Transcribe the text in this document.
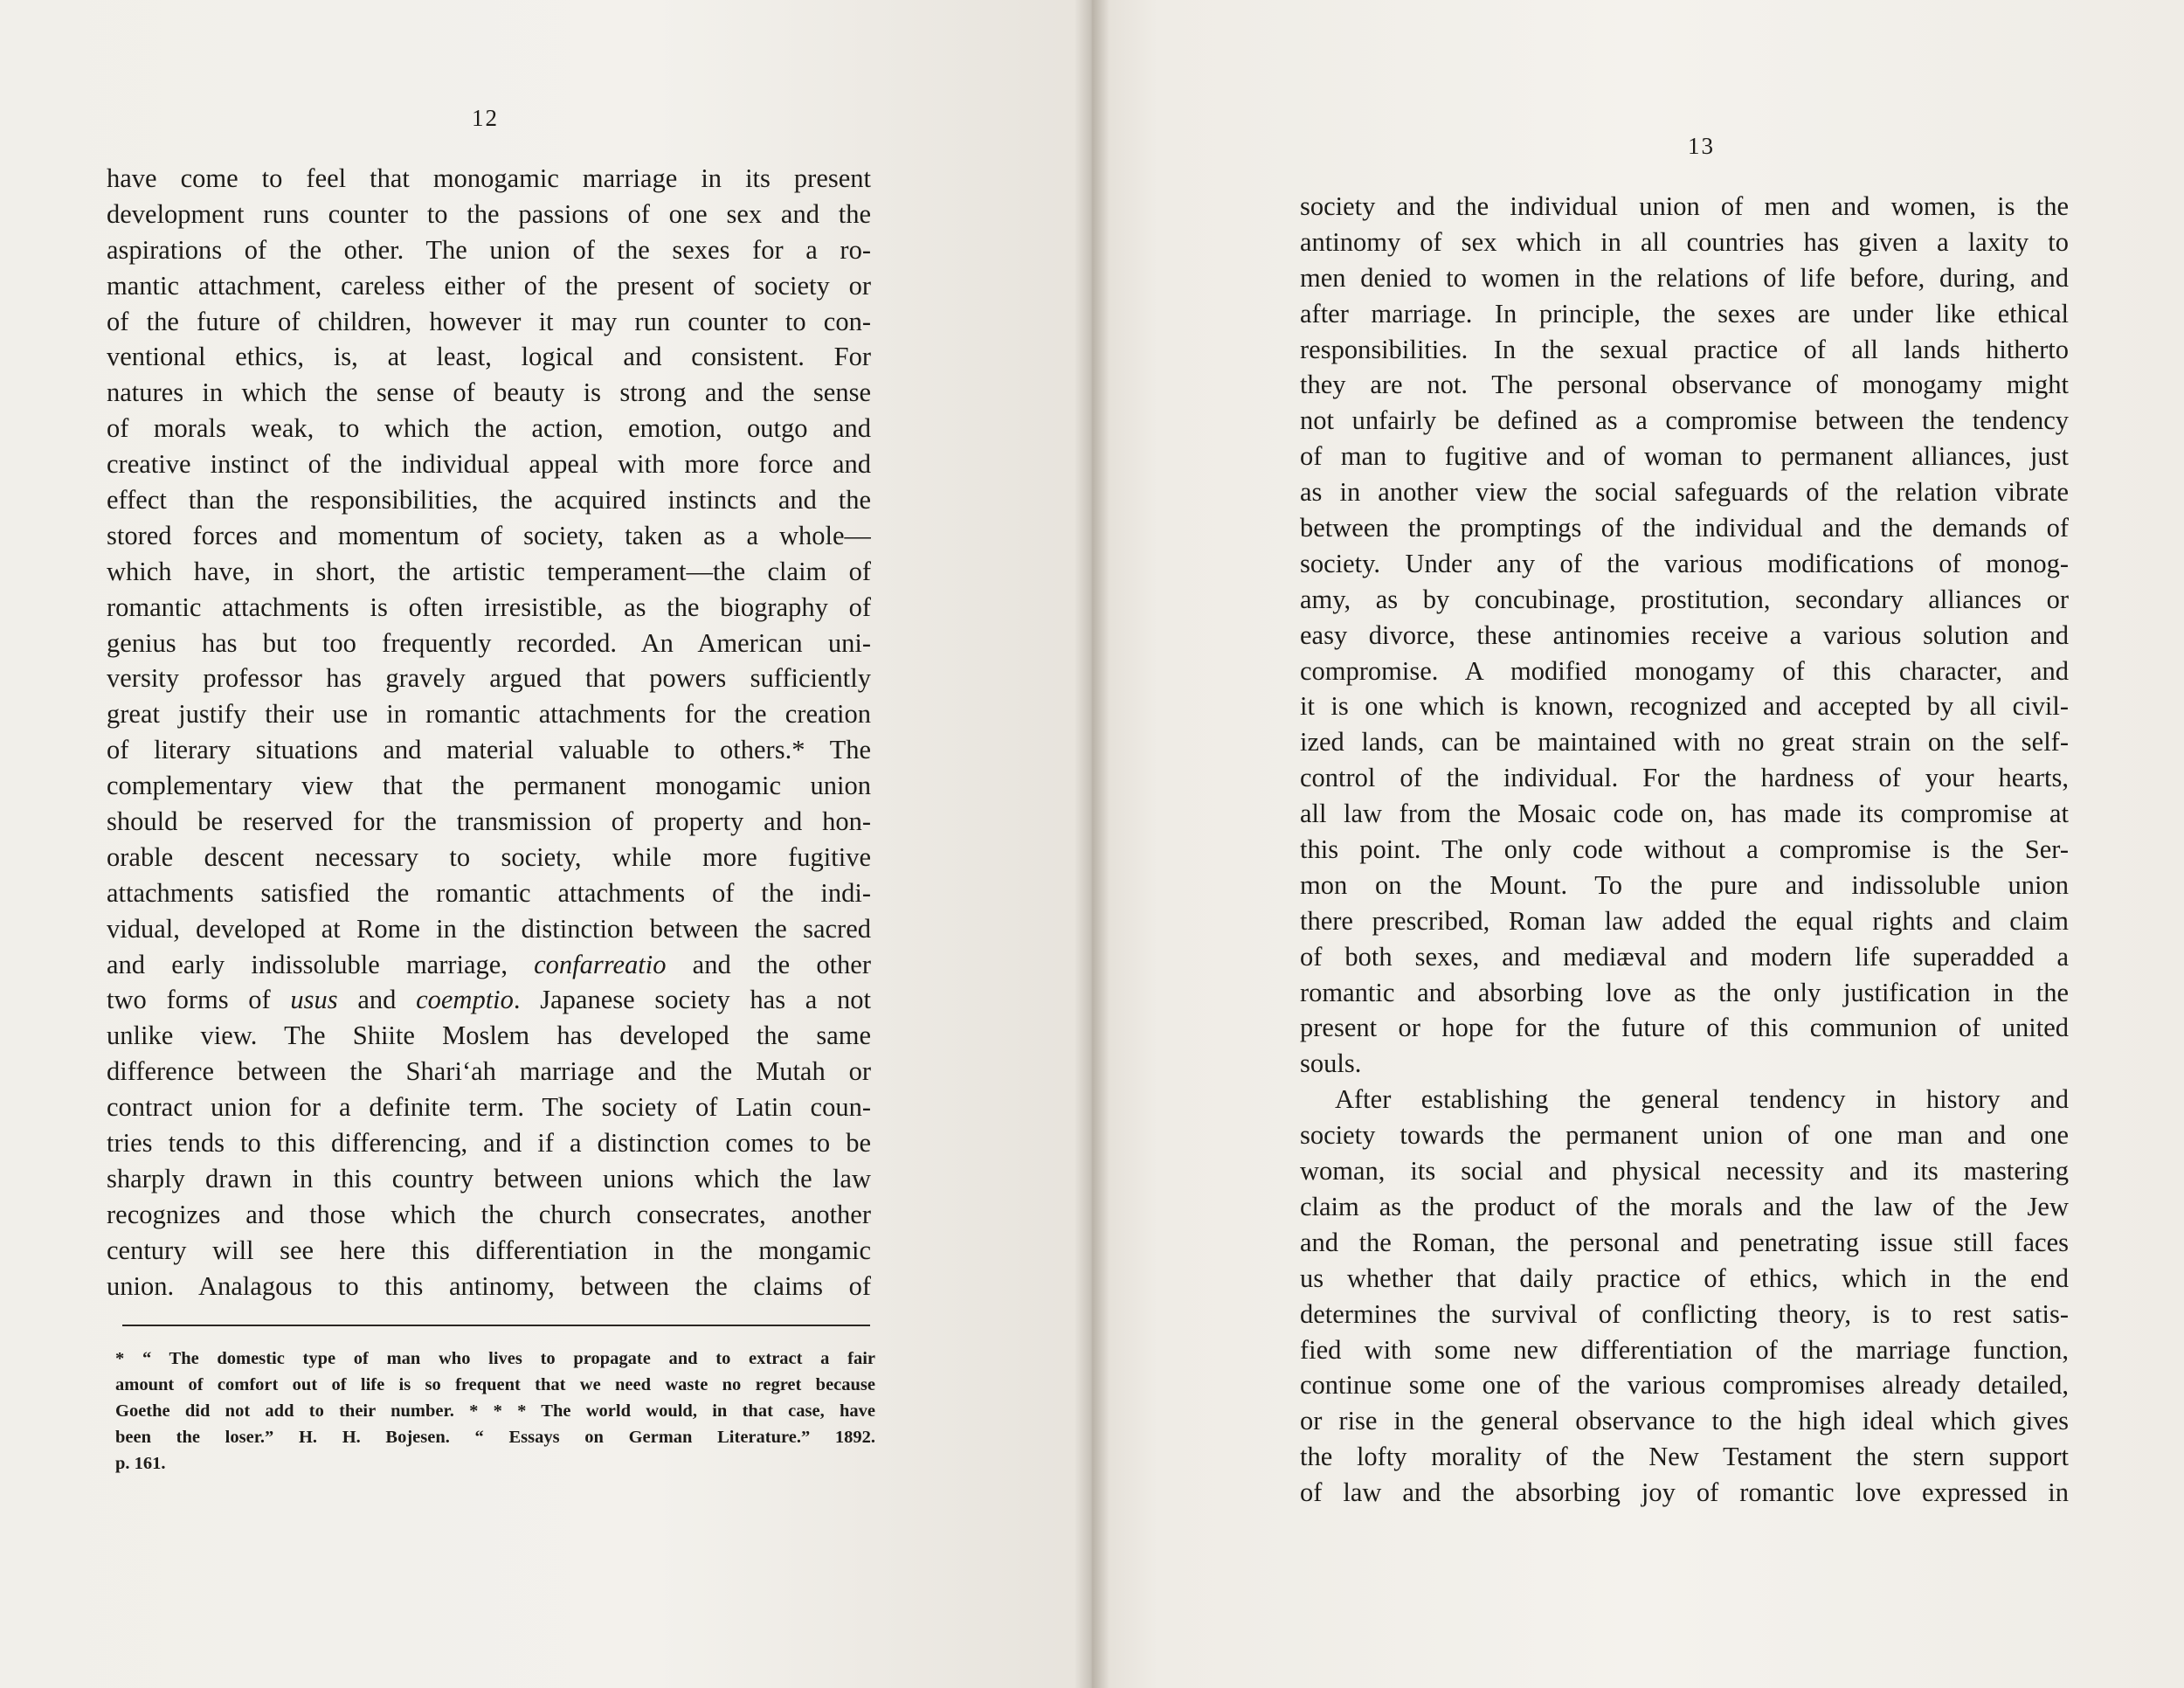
12

have come to feel that monogamic marriage in its present
development runs counter to the passions of one sex and the
aspirations of the other. The union of the sexes for a ro-
mantic attachment, careless either of the present of society or
of the future of children, however it may run counter to con-
ventional ethics, is, at least, logical and consistent. For
natures in which the sense of beauty is strong and the sense
of morals weak, to which the action, emotion, outgo and
creative instinct of the individual appeal with more force and
effect than the responsibilities, the acquired instincts and the
stored forces and momentum of society, taken as a whole—
which have, in short, the artistic temperament—the claim of
romantic attachments is often irresistible, as the biography of
genius has but too frequently recorded. An American uni-
versity professor has gravely argued that powers sufficiently
great justify their use in romantic attachments for the creation
of literary situations and material valuable to others.* The
complementary view that the permanent monogamic union
should be reserved for the transmission of property and hon-
orable descent necessary to society, while more fugitive
attachments satisfied the romantic attachments of the indi-
vidual, developed at Rome in the distinction between the sacred
and early indissoluble marriage, confarreatio and the other
two forms of usus and coemptio. Japanese society has a not
unlike view. The Shiite Moslem has developed the same
difference between the Shari‘ah marriage and the Mutah or
contract union for a definite term. The society of Latin coun-
tries tends to this differencing, and if a distinction comes to be
sharply drawn in this country between unions which the law
recognizes and those which the church consecrates, another
century will see here this differentiation in the mongamic
union. Analagous to this antinomy, between the claims of
* “ The domestic type of man who lives to propagate and to extract a fair
amount of comfort out of life is so frequent that we need waste no regret because
Goethe did not add to their number. * * * The world would, in that case, have
been the loser.” H. H. Bojesen. “ Essays on German Literature.” 1892.
p. 161.

13

society and the individual union of men and women, is the
antinomy of sex which in all countries has given a laxity to
men denied to women in the relations of life before, during, and
after marriage. In principle, the sexes are under like ethical
responsibilities. In the sexual practice of all lands hitherto
they are not. The personal observance of monogamy might
not unfairly be defined as a compromise between the tendency
of man to fugitive and of woman to permanent alliances, just
as in another view the social safeguards of the relation vibrate
between the promptings of the individual and the demands of
society. Under any of the various modifications of monog-
amy, as by concubinage, prostitution, secondary alliances or
easy divorce, these antinomies receive a various solution and
compromise. A modified monogamy of this character, and
it is one which is known, recognized and accepted by all civil-
ized lands, can be maintained with no great strain on the self-
control of the individual. For the hardness of your hearts,
all law from the Mosaic code on, has made its compromise at
this point. The only code without a compromise is the Ser-
mon on the Mount. To the pure and indissoluble union
there prescribed, Roman law added the equal rights and claim
of both sexes, and mediæval and modern life superadded a
romantic and absorbing love as the only justification in the
present or hope for the future of this communion of united
souls.
After establishing the general tendency in history and
society towards the permanent union of one man and one
woman, its social and physical necessity and its mastering
claim as the product of the morals and the law of the Jew
and the Roman, the personal and penetrating issue still faces
us whether that daily practice of ethics, which in the end
determines the survival of conflicting theory, is to rest satis-
fied with some new differentiation of the marriage function,
continue some one of the various compromises already detailed,
or rise in the general observance to the high ideal which gives
the lofty morality of the New Testament the stern support
of law and the absorbing joy of romantic love expressed in
